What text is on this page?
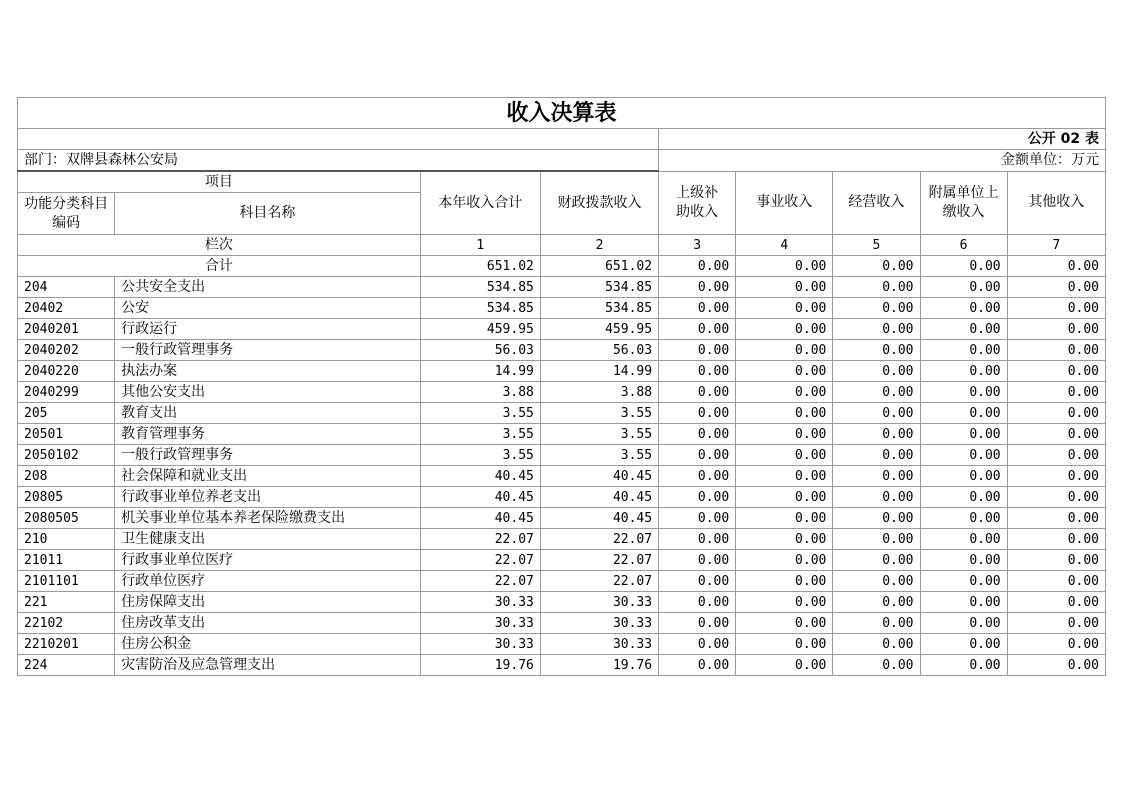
收入决算表								
				公开 02 表				
部门：双牌县森林公安局				金额单位：万元				
项目		本年收入合计	财政拨款收入	上级补助收入	事业收入	经营收入	附属单位上缴收入	其他收入
功能分类科目编码	科目名称							
栏次		1	2	3	4	5	6	7
合计		651.02	651.02	0.00	0.00	0.00	0.00	0.00
204	公共安全支出	534.85	534.85	0.00	0.00	0.00	0.00	0.00
20402	公安	534.85	534.85	0.00	0.00	0.00	0.00	0.00
2040201	行政运行	459.95	459.95	0.00	0.00	0.00	0.00	0.00
2040202	一般行政管理事务	56.03	56.03	0.00	0.00	0.00	0.00	0.00
2040220	执法办案	14.99	14.99	0.00	0.00	0.00	0.00	0.00
2040299	其他公安支出	3.88	3.88	0.00	0.00	0.00	0.00	0.00
205	教育支出	3.55	3.55	0.00	0.00	0.00	0.00	0.00
20501	教育管理事务	3.55	3.55	0.00	0.00	0.00	0.00	0.00
2050102	一般行政管理事务	3.55	3.55	0.00	0.00	0.00	0.00	0.00
208	社会保障和就业支出	40.45	40.45	0.00	0.00	0.00	0.00	0.00
20805	行政事业单位养老支出	40.45	40.45	0.00	0.00	0.00	0.00	0.00
2080505	机关事业单位基本养老保险缴费支出	40.45	40.45	0.00	0.00	0.00	0.00	0.00
210	卫生健康支出	22.07	22.07	0.00	0.00	0.00	0.00	0.00
21011	行政事业单位医疗	22.07	22.07	0.00	0.00	0.00	0.00	0.00
2101101	行政单位医疗	22.07	22.07	0.00	0.00	0.00	0.00	0.00
221	住房保障支出	30.33	30.33	0.00	0.00	0.00	0.00	0.00
22102	住房改革支出	30.33	30.33	0.00	0.00	0.00	0.00	0.00
2210201	住房公积金	30.33	30.33	0.00	0.00	0.00	0.00	0.00
224	灾害防治及应急管理支出	19.76	19.76	0.00	0.00	0.00	0.00	0.00
